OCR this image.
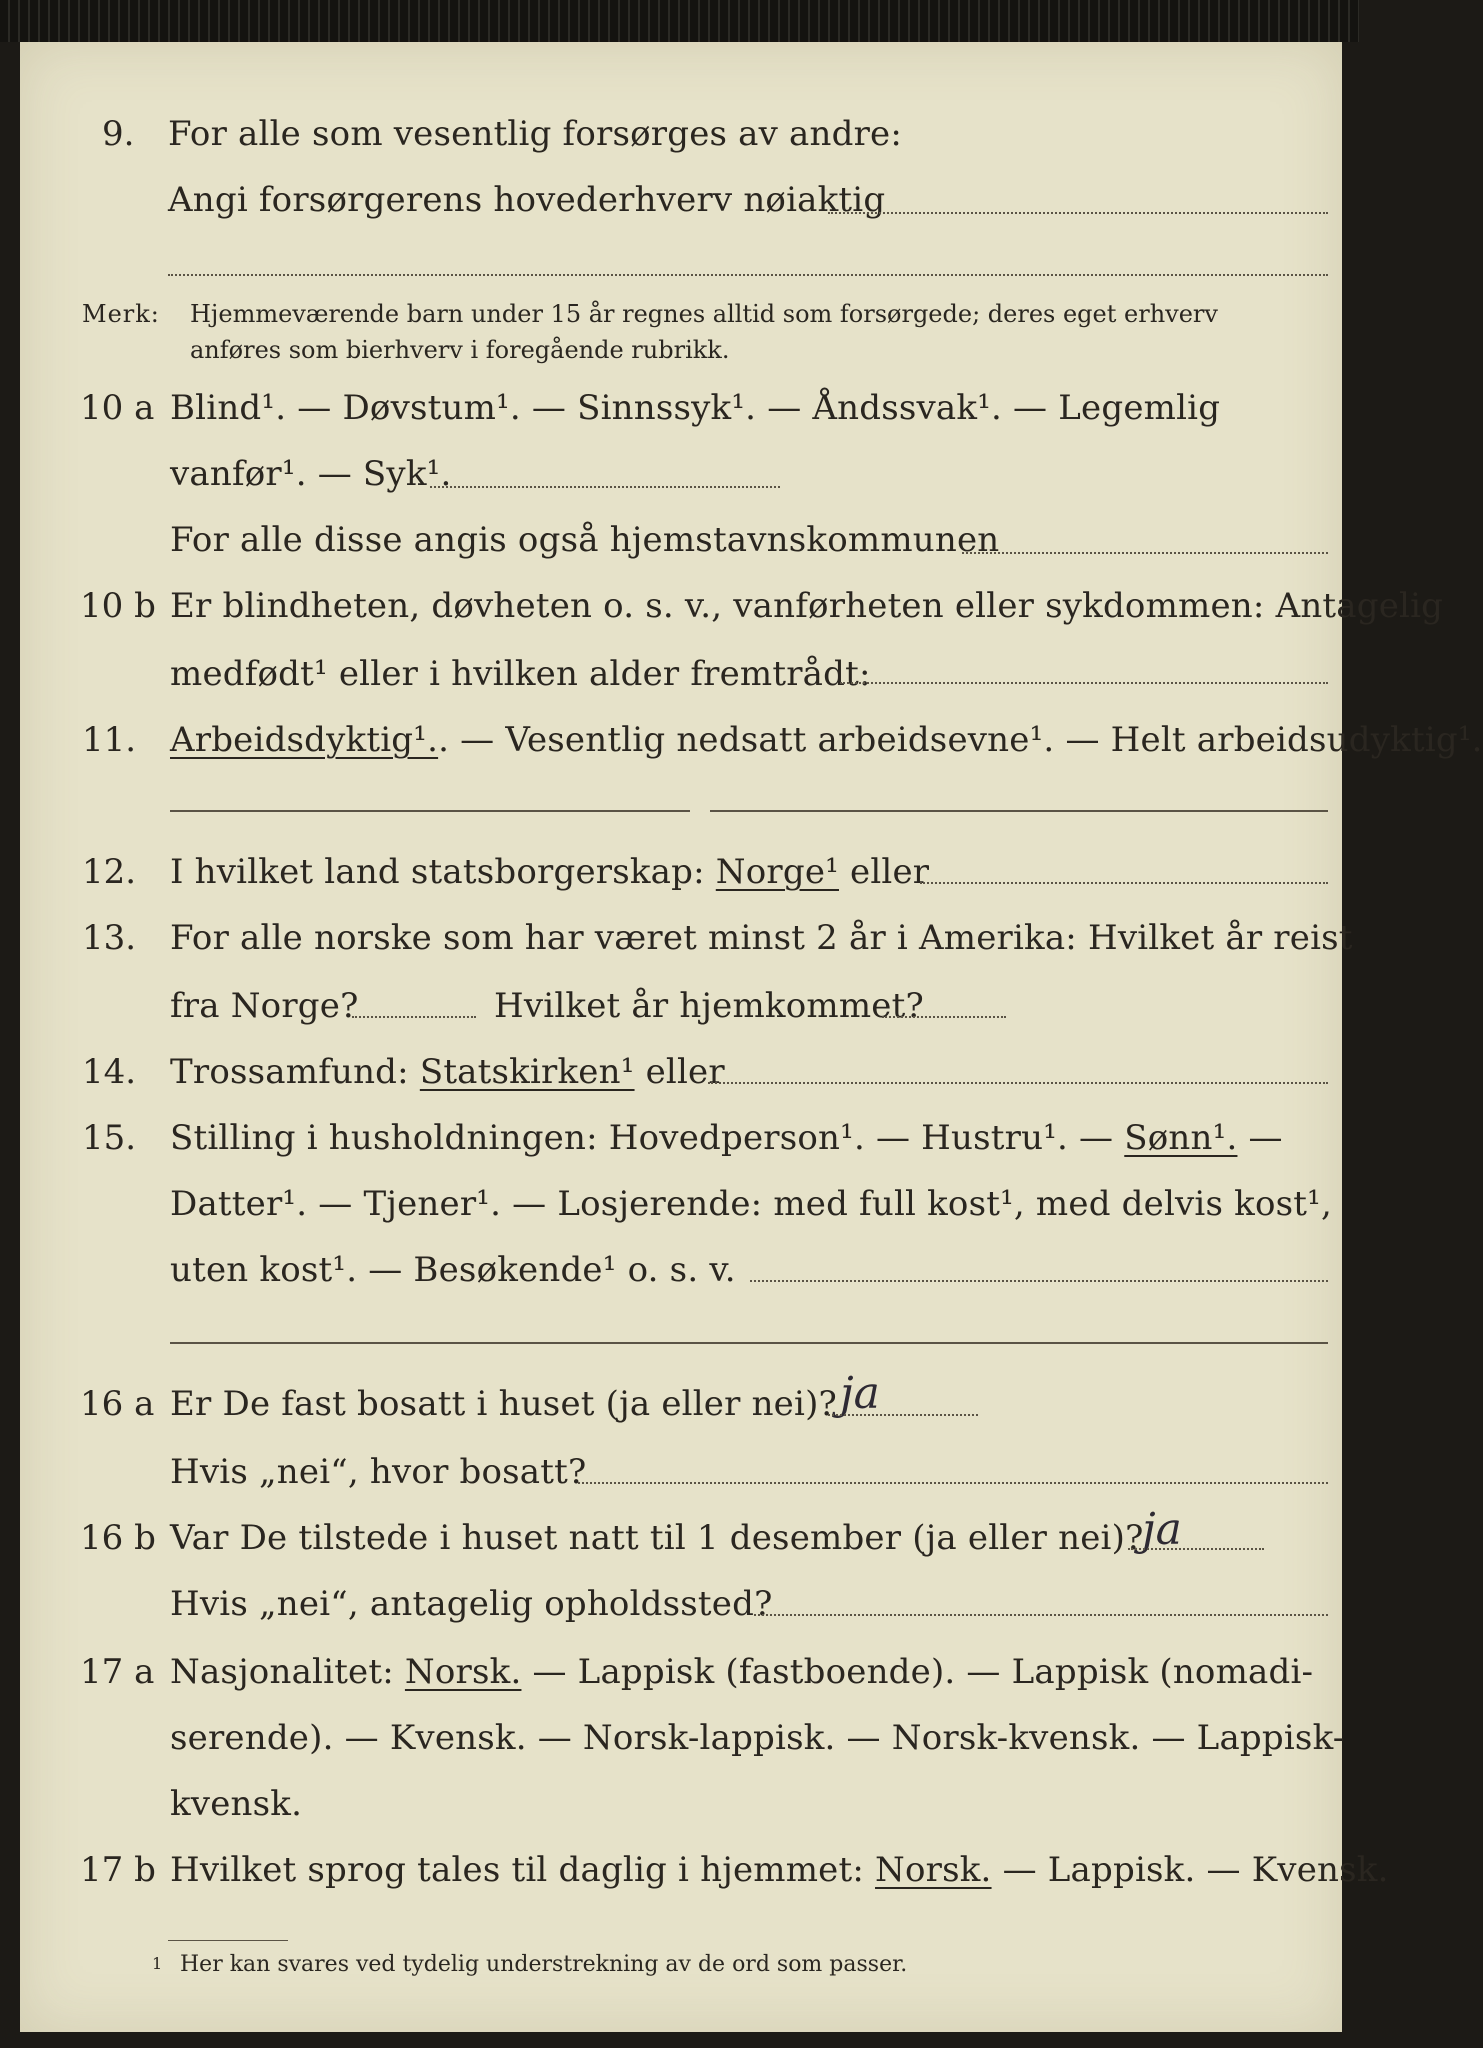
9. For alle som vesentlig forsørges av andre:
Angi forsørgerens hovederhverv nøiaktig
Merk: Hjemmeværende barn under 15 år regnes alltid som forsørgede; deres eget erhverv
anføres som bierhverv i foregående rubrikk.
10 a Blind¹. — Døvstum¹. — Sinnssyk¹. — Åndssvak¹. — Legemlig
vanfør¹. — Syk¹.
For alle disse angis også hjemstavnskommunen
10 b Er blindheten, døvheten o. s. v., vanførheten eller sykdommen: Antagelig
medfødt¹ eller i hvilken alder fremtrådt:
11. Arbeidsdyktig¹.. — Vesentlig nedsatt arbeidsevne¹. — Helt arbeidsudyktig¹.
12. I hvilket land statsborgerskap: Norge¹ eller
13. For alle norske som har været minst 2 år i Amerika: Hvilket år reist
fra Norge?	Hvilket år hjemkommet?
14. Trossamfund: Statskirken¹ eller
15. Stilling i husholdningen: Hovedperson¹. — Hustru¹. — Sønn¹. —
Datter¹. — Tjener¹. — Losjerende: med full kost¹, med delvis kost¹,
uten kost¹. — Besøkende¹ o. s. v.
16 a Er De fast bosatt i huset (ja eller nei)? ja
Hvis „nei“, hvor bosatt?
16 b Var De tilstede i huset natt til 1 desember (ja eller nei)?
ja
Hvis „nei“, antagelig opholdssted?
17 a Nasjonalitet: Norsk. — Lappisk (fastboende). — Lappisk (nomadi-
serende). — Kvensk. — Norsk-lappisk. — Norsk-kvensk. — Lappisk-
kvensk.
17 b Hvilket sprog tales til daglig i hjemmet: Norsk. — Lappisk. — Kvensk.
1 Her kan svares ved tydelig understrekning av de ord som passer.
